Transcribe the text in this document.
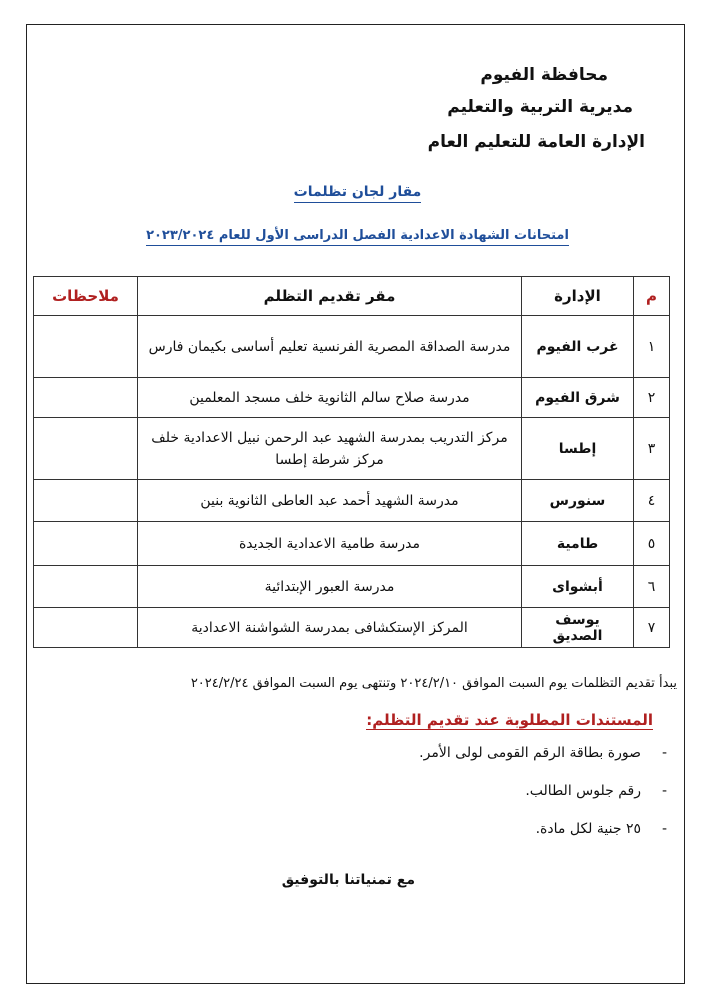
محافظة الفيوم
مديرية التربية والتعليم
الإدارة العامة للتعليم العام
مقار لجان تظلمات
امتحانات الشهادة الاعدادية الفصل الدراسى الأول للعام ٢٠٢٣/٢٠٢٤
م	الإدارة	مقر تقديم التظلم	ملاحظات
١	غرب الفيوم	مدرسة الصداقة المصرية الفرنسية تعليم أساسى بكيمان فارس	
٢	شرق الفيوم	مدرسة صلاح سالم الثانوية خلف مسجد المعلمين	
٣	إطسا	مركز التدريب بمدرسة الشهيد عبد الرحمن نبيل الاعدادية خلف مركز شرطة إطسا	
٤	سنورس	مدرسة الشهيد أحمد عبد العاطى الثانوية بنين	
٥	طامية	مدرسة طامية الاعدادية الجديدة	
٦	أبشواى	مدرسة العبور الإبتدائية	
٧	يوسف الصديق	المركز الإستكشافى بمدرسة الشواشنة الاعدادية	
يبدأ تقديم التظلمات يوم السبت الموافق ٢٠٢٤/٢/١٠ وتنتهى يوم السبت الموافق ٢٠٢٤/٢/٢٤
المستندات المطلوبة عند تقديم التظلم:
-صورة بطاقة الرقم القومى لولى الأمر.
-رقم جلوس الطالب.
-٢٥ جنية لكل مادة.
مع تمنياتنا بالتوفيق
